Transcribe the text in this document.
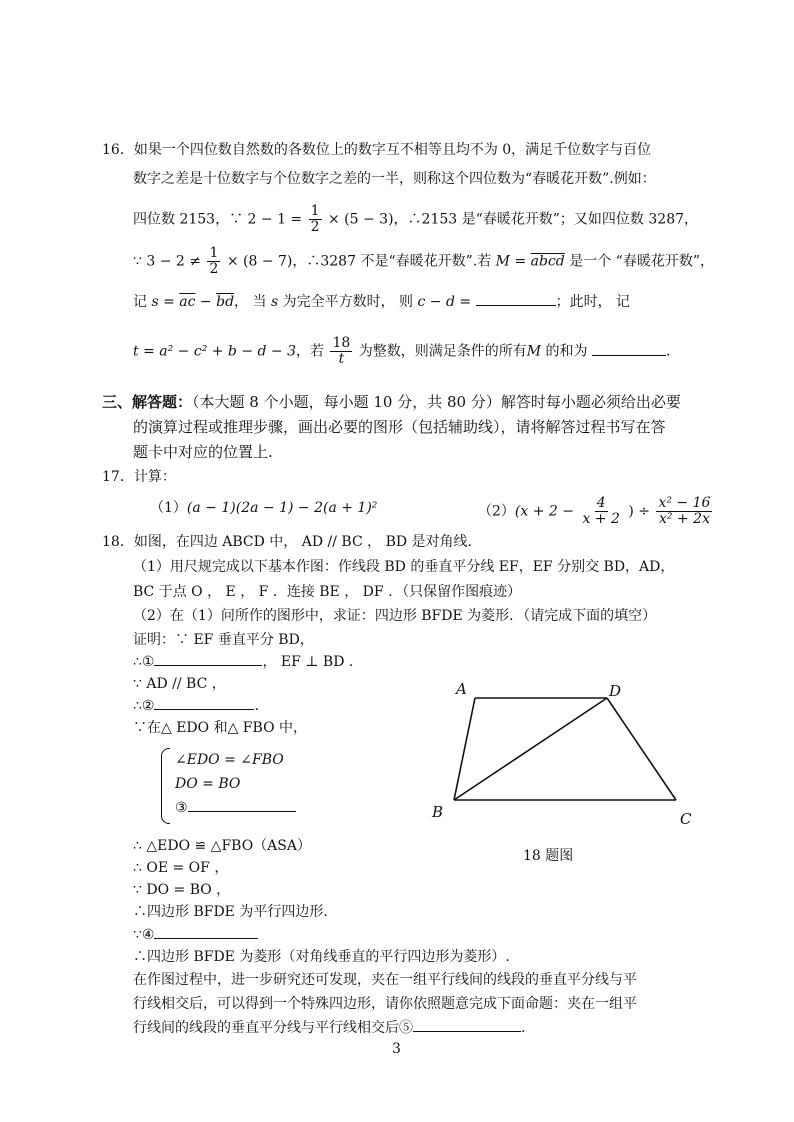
16．如果一个四位数自然数的各数位上的数字互不相等且均不为 0，满足千位数字与百位
数字之差是十位数字与个位数字之差的一半，则称这个四位数为“春暖花开数”.例如：
四位数 2153，∵ $2 - 1 = \frac{1}{2} \times (5 - 3)$，∴2153 是“春暖花开数”；又如四位数 3287，
∵ $3 - 2 \ne \frac{1}{2} \times (8 - 7)$，∴3287 不是“春暖花开数”.若 M = abcd 是一个 “春暖花开数”，
记 $s = \overline{ac} - \overline{bd}$， 当 s 为完全平方数时， 则 c − d =	；此时， 记
t = a² − c² + b − d − 3，若 $\frac{18}{t}$ 为整数，则满足条件的所有M 的和为	.
三、解答题：（本大题 8 个小题，每小题 10 分，共 80 分）解答时每小题必须给出必要
的演算过程或推理步骤，画出必要的图形（包括辅助线），请将解答过程书写在答
题卡中对应的位置上.
17．计算：
（1）(a − 1)(2a − 1) − 2(a + 1)²	$(2)(x + 2 - \frac{4}{x + 2}$ ) ÷ $\frac{\text{x² − 16}}{\text{x² + 2x}}$
18．如图，在四边 ABCD 中， AD // BC ， BD 是对角线.
（1）用尺规完成以下基本作图：作线段 BD 的垂直平分线 EF，EF 分别交 BD，AD，
BC 于点 O ， E ， F ．连接 BE ， DF ．（只保留作图痕迹）
（2）在（1）问所作的图形中，求证：四边形 BFDE 为菱形．（请完成下面的填空）
证明：∵ EF 垂直平分 BD，
∴①	， EF ⊥ BD .
∵ AD // BC ，
∴②	.
∵在△ EDO 和△ FBO 中，
∠EDO = ∠FBO
DO = BO
③
∴ △EDO ≌ △FBO（ASA）
∴ OE = OF ，
∵ DO = BO ，
∴四边形 BFDE 为平行四边形.
∵④
∴四边形 BFDE 为菱形（对角线垂直的平行四边形为菱形）.
在作图过程中，进一步研究还可发现，夹在一组平行线间的线段的垂直平分线与平
行线相交后，可以得到一个特殊四边形，请你依照题意完成下面命题：夹在一组平
行线间的线段的垂直平分线与平行线相交后⑤	.
A	D
B	C
18 题图
3
